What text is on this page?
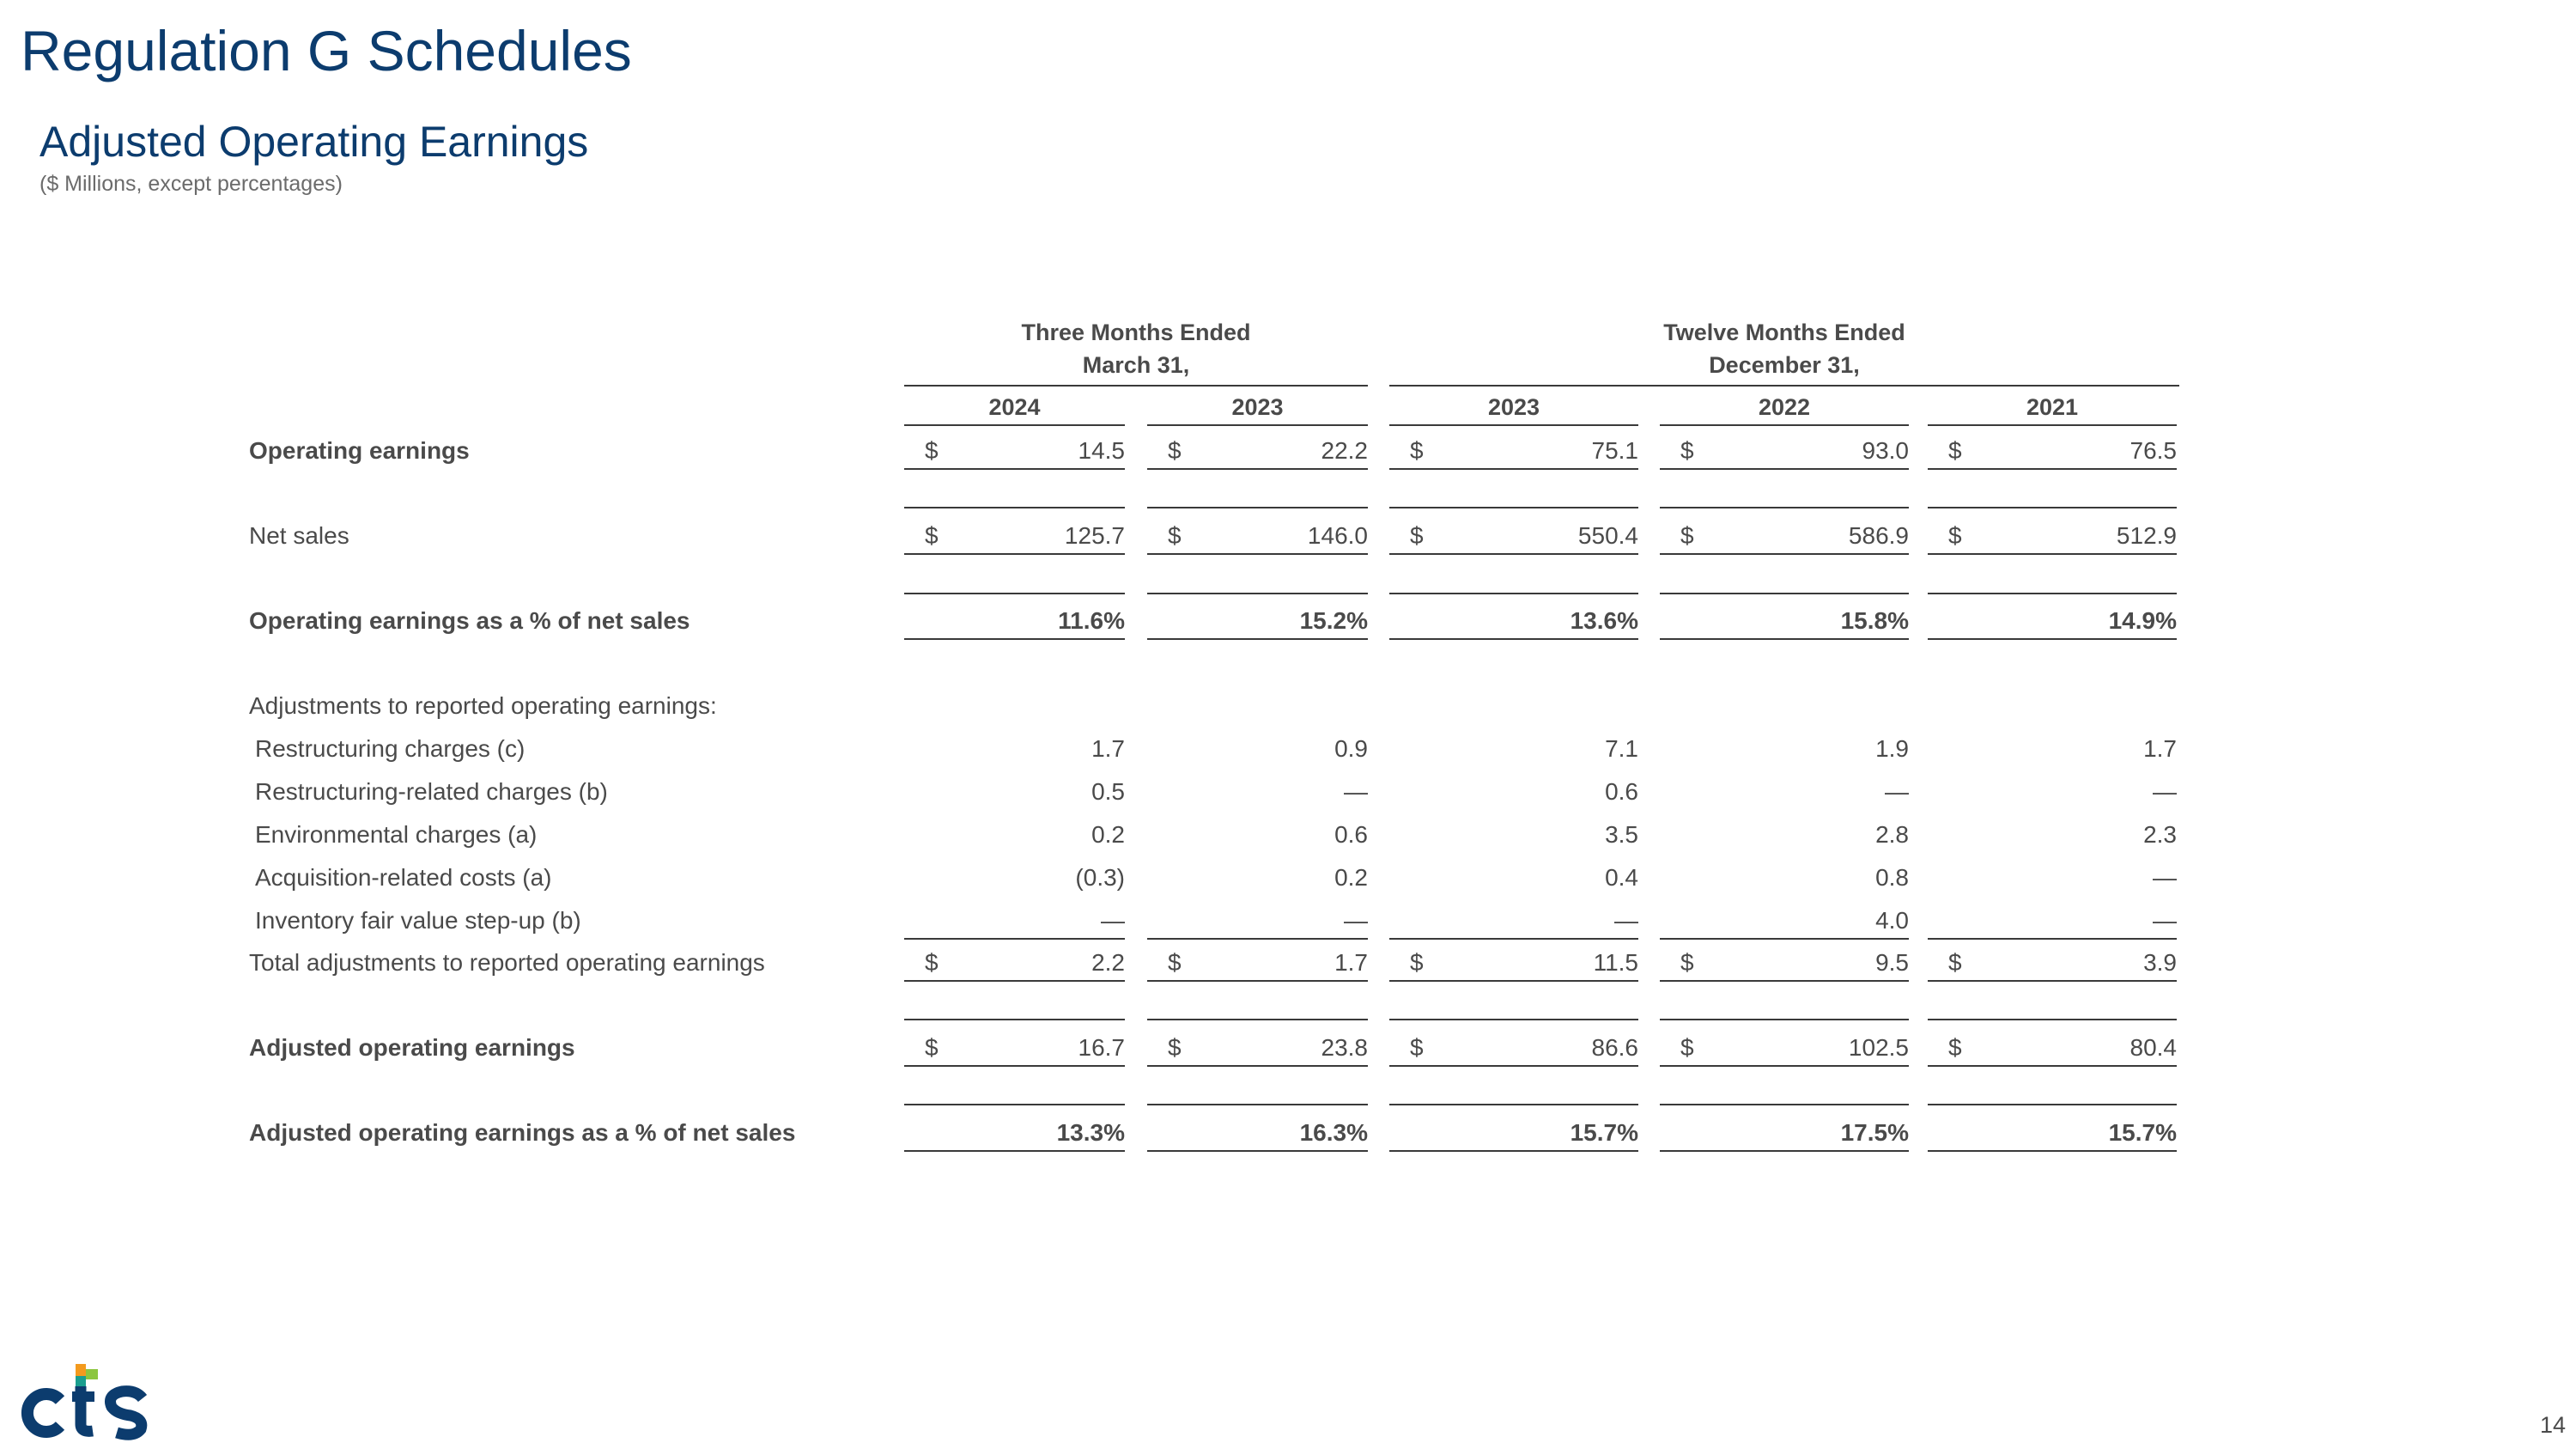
Regulation G Schedules
Adjusted Operating Earnings
($ Millions, except percentages)
Three Months Ended
March 31,
Twelve Months Ended
December 31,
2024	2023	2023	2022	2021
Operating earnings	$	14.5 $	22.2 $	75.1 $	93.0 $	76.5
Net sales	$	125.7 $	146.0 $	550.4 $	586.9 $	512.9
Operating earnings as a % of net sales	11.6%	15.2%	13.6%	15.8%	14.9%
Adjustments to reported operating earnings:
Restructuring charges (c)	1.7	0.9	7.1	1.9	1.7
Restructuring-related charges (b)	0.5	—	0.6	—	—
Environmental charges (a)	0.2	0.6	3.5	2.8	2.3
Acquisition-related costs (a)	(0.3)	0.2	0.4	0.8	—
Inventory fair value step-up (b)	—	—	—	4.0	—
Total adjustments to reported operating earnings	$	2.2 $	1.7 $	11.5 $	9.5 $	3.9
Adjusted operating earnings	$	16.7 $	23.8 $	86.6 $	102.5 $	80.4
Adjusted operating earnings as a % of net sales	13.3%	16.3%	15.7%	17.5%	15.7%
cts
14
